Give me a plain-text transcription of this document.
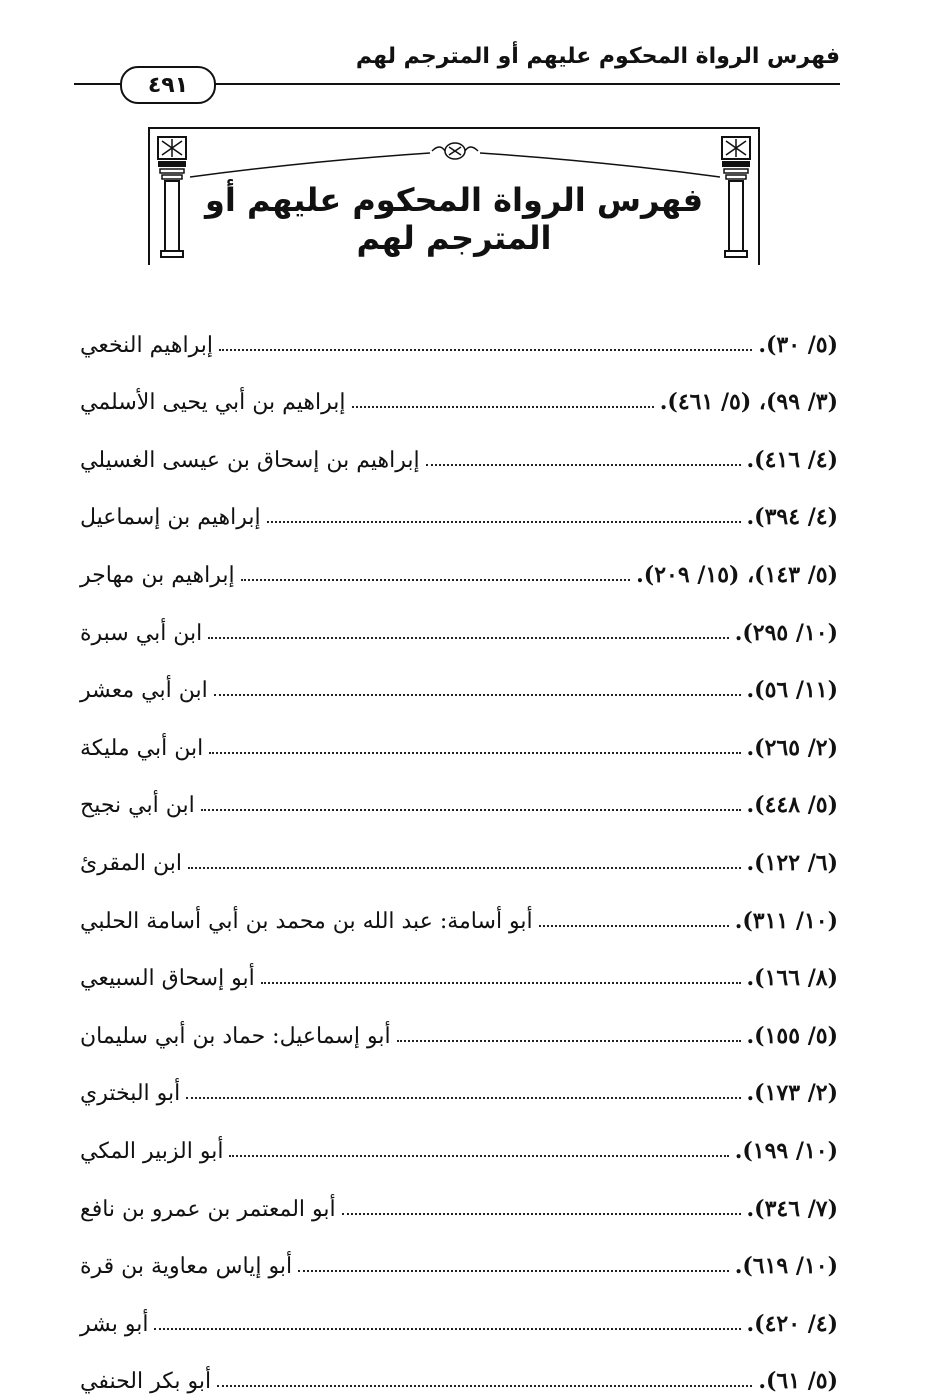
فهرس الرواة المحكوم عليهم أو المترجم لهم
٤٩١
فهرس الرواة المحكوم عليهم أو المترجم لهم
إبراهيم النخعي	(٥/ ٣٠).
إبراهيم بن أبي يحيى الأسلمي	(٣/ ٩٩)، (٥/ ٤٦١).
إبراهيم بن إسحاق بن عيسى الغسيلي	(٤/ ٤١٦).
إبراهيم بن إسماعيل	(٤/ ٣٩٤).
إبراهيم بن مهاجر	(٥/ ١٤٣)، (١٥/ ٢٠٩).
ابن أبي سبرة	(١٠/ ٢٩٥).
ابن أبي معشر	(١١/ ٥٦).
ابن أبي مليكة	(٢/ ٢٦٥).
ابن أبي نجيح	(٥/ ٤٤٨).
ابن المقرئ	(٦/ ١٢٢).
أبو أسامة: عبد الله بن محمد بن أبي أسامة الحلبي	(١٠/ ٣١١).
أبو إسحاق السبيعي	(٨/ ١٦٦).
أبو إسماعيل: حماد بن أبي سليمان	(٥/ ١٥٥).
أبو البختري	(٢/ ١٧٣).
أبو الزبير المكي	(١٠/ ١٩٩).
أبو المعتمر بن عمرو بن نافع	(٧/ ٣٤٦).
أبو إياس معاوية بن قرة	(١٠/ ٦١٩).
أبو بشر	(٤/ ٤٢٠).
أبو بكر الحنفي	(٥/ ٦١).
